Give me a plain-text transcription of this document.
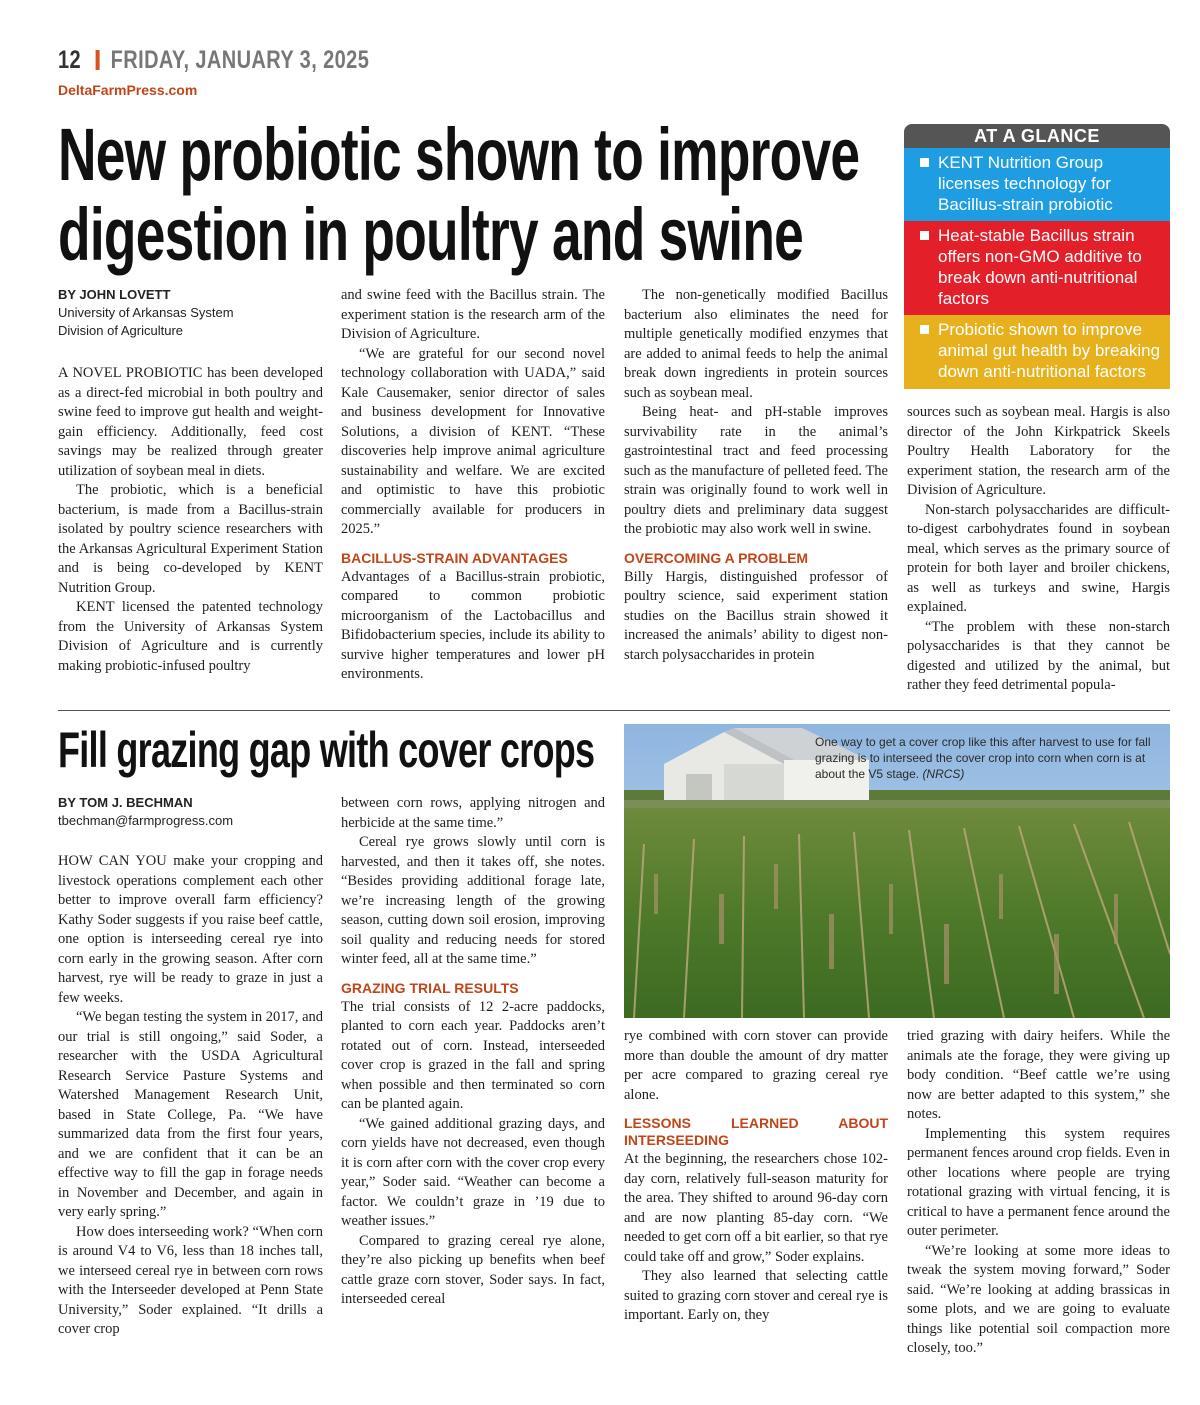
12 FRIDAY, JANUARY 3, 2025
DeltaFarmPress.com
New probiotic shown to improve
digestion in poultry and swine
BY JOHN LOVETT
University of Arkansas System
Division of Agriculture

A NOVEL PROBIOTIC has been developed as a direct-fed microbial in both poultry and swine feed to improve gut health and weight-gain efficiency. Additionally, feed cost savings may be realized through greater utilization of soybean meal in diets.

The probiotic, which is a beneficial bacterium, is made from a Bacillus-strain isolated by poultry science researchers with the Arkansas Agricultural Experiment Station and is being co-developed by KENT Nutrition Group.

KENT licensed the patented technology from the University of Arkansas System Division of Agriculture and is currently making probiotic-infused poultry

and swine feed with the Bacillus strain. The experiment station is the research arm of the Division of Agriculture.

“We are grateful for our second novel technology collaboration with UADA,” said Kale Causemaker, senior director of sales and business development for Innovative Solutions, a division of KENT. “These discoveries help improve animal agriculture sustainability and welfare. We are excited and optimistic to have this probiotic commercially available for producers in 2025.”

BACILLUS-STRAIN ADVANTAGES

Advantages of a Bacillus-strain probiotic, compared to common probiotic microorganism of the Lactobacillus and Bifidobacterium species, include its ability to survive higher temperatures and lower pH environments.

The non-genetically modified Bacillus bacterium also eliminates the need for multiple genetically modified enzymes that are added to animal feeds to help the animal break down ingredients in protein sources such as soybean meal.

Being heat- and pH-stable improves survivability rate in the animal’s gastrointestinal tract and feed processing such as the manufacture of pelleted feed. The strain was originally found to work well in poultry diets and preliminary data suggest the probiotic may also work well in swine.

OVERCOMING A PROBLEM

Billy Hargis, distinguished professor of poultry science, said experiment station studies on the Bacillus strain showed it increased the animals’ ability to digest non-starch polysaccharides in protein

AT A GLANCE
KENT Nutrition Group licenses technology for Bacillus-strain probiotic
Heat-stable Bacillus strain offers non-GMO additive to break down anti-nutritional factors
Probiotic shown to improve animal gut health by breaking down anti-nutritional factors

sources such as soybean meal. Hargis is also director of the John Kirkpatrick Skeels Poultry Health Laboratory for the experiment station, the research arm of the Division of Agriculture.

Non-starch polysaccharides are difficult-to-digest carbohydrates found in soybean meal, which serves as the primary source of protein for both layer and broiler chickens, as well as turkeys and swine, Hargis explained.

“The problem with these non-starch polysaccharides is that they cannot be digested and utilized by the animal, but rather they feed detrimental popula-

Fill grazing gap with cover crops	One way to get a cover crop like this after harvest to use for fall grazing is to interseed the cover crop into corn when corn is at about the V5 stage. (NRCS)
BY TOM J. BECHMAN
tbechman@farmprogress.com

HOW CAN YOU make your cropping and livestock operations complement each other better to improve overall farm efficiency? Kathy Soder suggests if you raise beef cattle, one option is interseeding cereal rye into corn early in the growing season. After corn harvest, rye will be ready to graze in just a few weeks.

“We began testing the system in 2017, and our trial is still ongoing,” said Soder, a researcher with the USDA Agricultural Research Service Pasture Systems and Watershed Management Research Unit, based in State College, Pa. “We have summarized data from the first four years, and we are confident that it can be an effective way to fill the gap in forage needs in November and December, and again in very early spring.”

How does interseeding work? “When corn is around V4 to V6, less than 18 inches tall, we interseed cereal rye in between corn rows with the Interseeder developed at Penn State University,” Soder explained. “It drills a cover crop

between corn rows, applying nitrogen and herbicide at the same time.”

Cereal rye grows slowly until corn is harvested, and then it takes off, she notes. “Besides providing additional forage late, we’re increasing length of the growing season, cutting down soil erosion, improving soil quality and reducing needs for stored winter feed, all at the same time.”

GRAZING TRIAL RESULTS

The trial consists of 12 2-acre paddocks, planted to corn each year. Paddocks aren’t rotated out of corn. Instead, interseeded cover crop is grazed in the fall and spring when possible and then terminated so corn can be planted again.

“We gained additional grazing days, and corn yields have not decreased, even though it is corn after corn with the cover crop every year,” Soder said. “Weather can become a factor. We couldn’t graze in ’19 due to weather issues.”

Compared to grazing cereal rye alone, they’re also picking up benefits when beef cattle graze corn stover, Soder says. In fact, interseeded cereal

rye combined with corn stover can provide more than double the amount of dry matter per acre compared to grazing cereal rye alone.

LESSONS LEARNED ABOUT INTERSEEDING

At the beginning, the researchers chose 102-day corn, relatively full-season maturity for the area. They shifted to around 96-day corn and are now planting 85-day corn. “We needed to get corn off a bit earlier, so that rye could take off and grow,” Soder explains.

They also learned that selecting cattle suited to grazing corn stover and cereal rye is important. Early on, they

tried grazing with dairy heifers. While the animals ate the forage, they were giving up body condition. “Beef cattle we’re using now are better adapted to this system,” she notes.

Implementing this system requires permanent fences around crop fields. Even in other locations where people are trying rotational grazing with virtual fencing, it is critical to have a permanent fence around the outer perimeter.

“We’re looking at some more ideas to tweak the system moving forward,” Soder said. “We’re looking at adding brassicas in some plots, and we are going to evaluate things like potential soil compaction more closely, too.”
